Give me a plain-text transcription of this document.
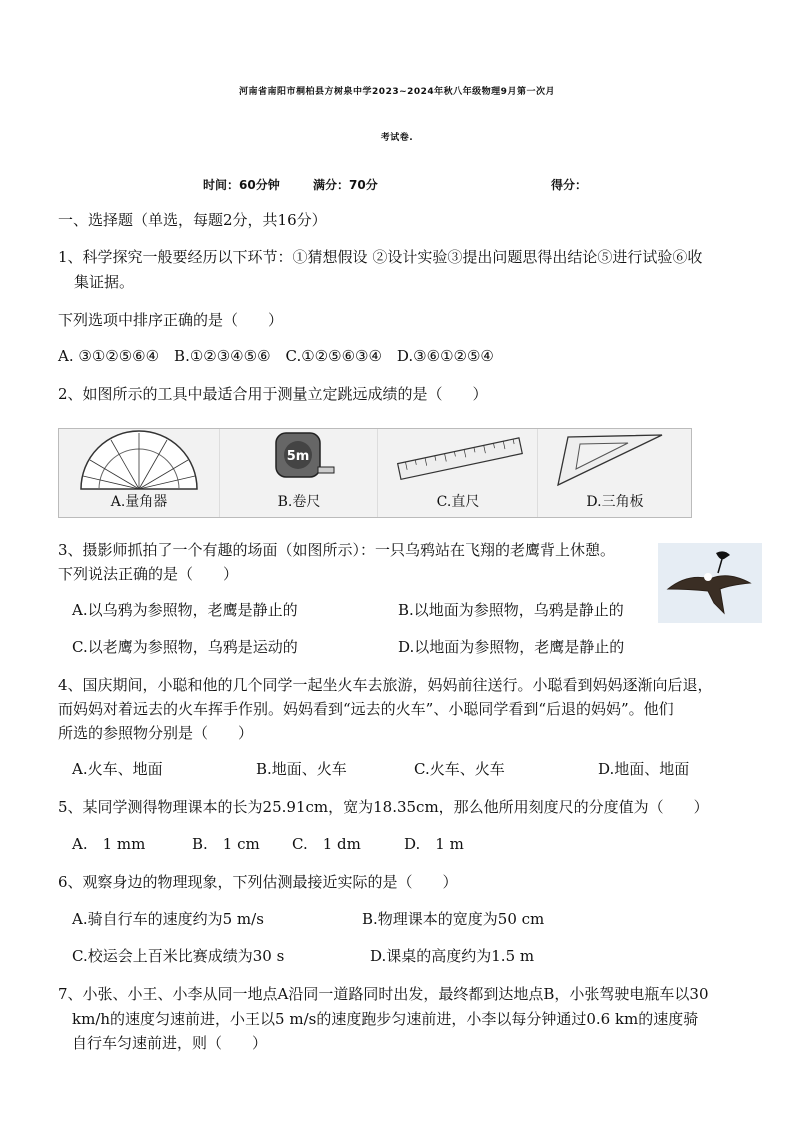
河南省南阳市桐柏县方树泉中学2023~2024年秋八年级物理9月第一次月
考试卷.
时间：60分钟	满分：70分	得分：
一、选择题（单选，每题2分，共16分）
1、科学探究一般要经历以下环节：①猜想假设 ②设计实验③提出问题思得出结论⑤进行试验⑥收
集证据。
下列选项中排序正确的是（　　）
A. ③①②⑤⑥④　B.①②③④⑤⑥　C.①②⑤⑥③④　D.③⑥①②⑤④
2、如图所示的工具中最适合用于测量立定跳远成绩的是（　　）
A.量角器
5m
B.卷尺	C.直尺	D.三角板
3、摄影师抓拍了一个有趣的场面（如图所示）：一只乌鸦站在飞翔的老鹰背上休憩。
下列说法正确的是（　　）
A.以乌鸦为参照物，老鹰是静止的	B.以地面为参照物，乌鸦是静止的
C.以老鹰为参照物，乌鸦是运动的	D.以地面为参照物，老鹰是静止的
4、国庆期间，小聪和他的几个同学一起坐火车去旅游，妈妈前往送行。小聪看到妈妈逐渐向后退，
而妈妈对着远去的火车挥手作别。妈妈看到“远去的火车”、小聪同学看到“后退的妈妈”。他们
所选的参照物分别是（　　）
A.火车、地面	B.地面、火车	C.火车、火车	D.地面、地面
5、某同学测得物理课本的长为25.91cm，宽为18.35cm，那么他所用刻度尺的分度值为（　　）
A.　1 mm	B.　1 cm C.　1 dm	D.　1 m
6、观察身边的物理现象，下列估测最接近实际的是（　　）
A.骑自行车的速度约为5 m/s	B.物理课本的宽度为50 cm
C.校运会上百米比赛成绩为30 s	D.课桌的高度约为1.5 m
7、小张、小王、小李从同一地点A沿同一道路同时出发，最终都到达地点B，小张驾驶电瓶车以30
km/h的速度匀速前进，小王以5 m/s的速度跑步匀速前进，小李以每分钟通过0.6 km的速度骑
自行车匀速前进，则（　　）
